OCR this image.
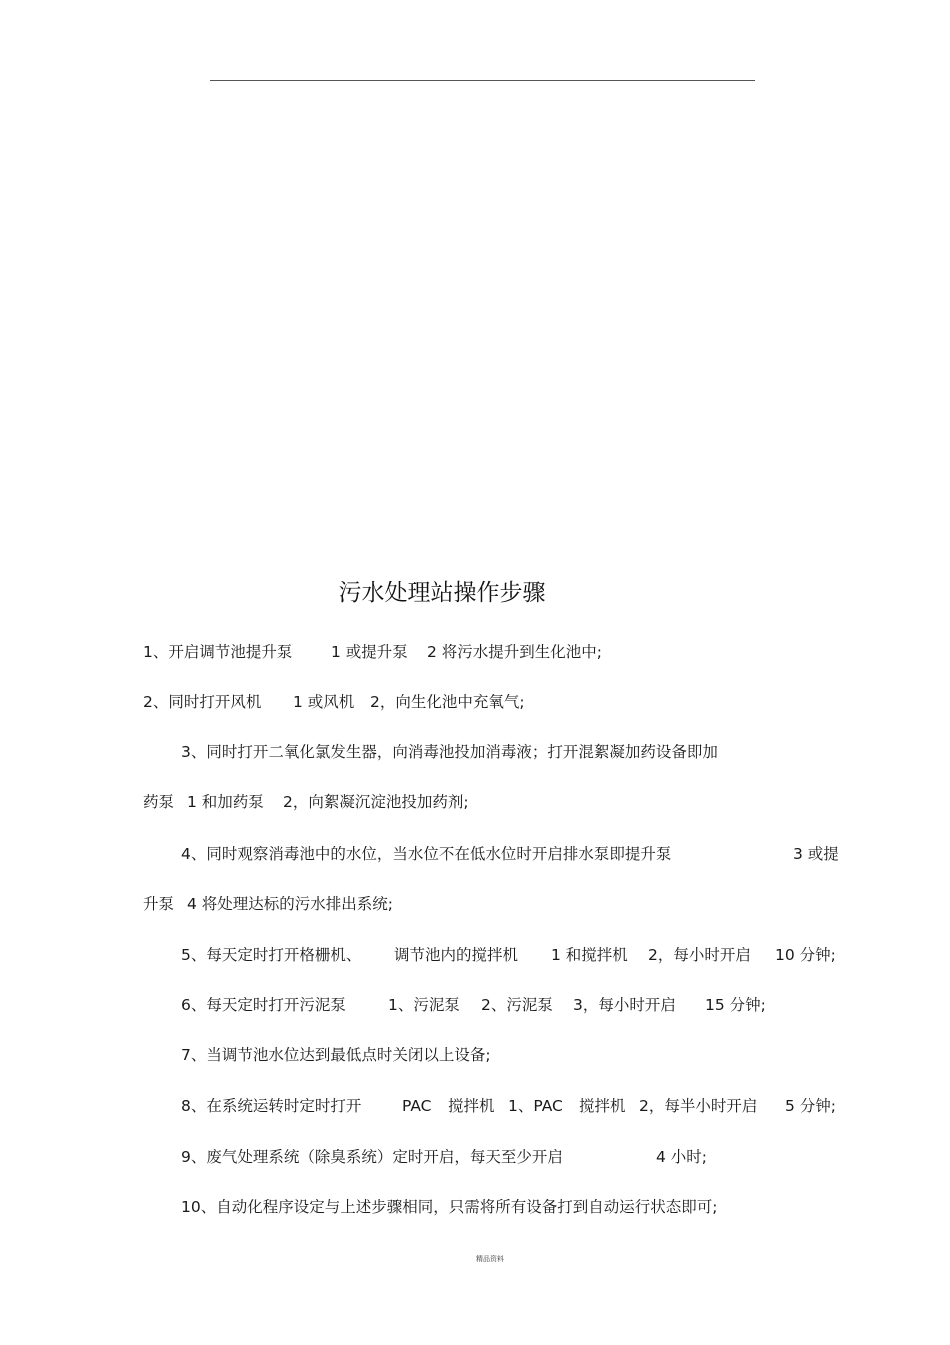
污水处理站操作步骤
1、开启调节池提升泵 1 或提升泵 2 将污水提升到生化池中;
2、同时打开风机 1 或风机 2，向生化池中充氧气;
3、同时打开二氧化氯发生器，向消毒池投加消毒液；打开混絮凝加药设备即加
药泵 1 和加药泵 2，向絮凝沉淀池投加药剂;
4、同时观察消毒池中的水位，当水位不在低水位时开启排水泵即提升泵	3 或提
升泵 4 将处理达标的污水排出系统;
5、每天定时打开格栅机、 调节池内的搅拌机 1 和搅拌机 2，每小时开启 10 分钟;
6、每天定时打开污泥泵	1、污泥泵 2、污泥泵 3，每小时开启 15 分钟;
7、当调节池水位达到最低点时关闭以上设备;
8、在系统运转时定时打开	PAC 搅拌机 1、PAC 搅拌机 2，每半小时开启 5 分钟;
9、废气处理系统（除臭系统）定时开启，每天至少开启	4 小时;
10、自动化程序设定与上述步骤相同，只需将所有设备打到自动运行状态即可;
精品资料
